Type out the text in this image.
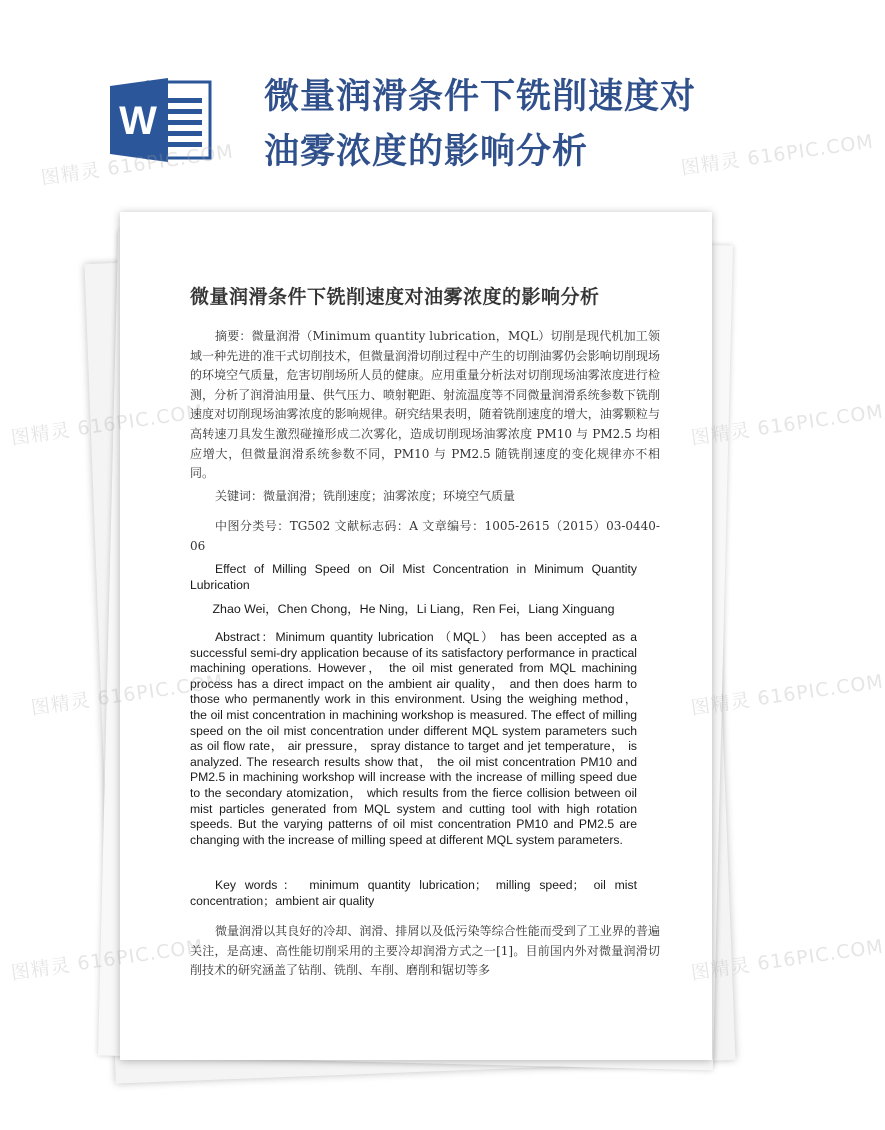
W
微量润滑条件下铣削速度对油雾浓度的影响分析
微量润滑条件下铣削速度对油雾浓度的影响分析
摘要：微量润滑（Minimum quantity lubrication，MQL）切削是现代机加工领域一种先进的准干式切削技术，但微量润滑切削过程中产生的切削油雾仍会影响切削现场的环境空气质量，危害切削场所人员的健康。应用重量分析法对切削现场油雾浓度进行检测，分析了润滑油用量、供气压力、喷射靶距、射流温度等不同微量润滑系统参数下铣削速度对切削现场油雾浓度的影响规律。研究结果表明，随着铣削速度的增大，油雾颗粒与高转速刀具发生激烈碰撞形成二次雾化，造成切削现场油雾浓度 PM10 与 PM2.5 均相应增大，但微量润滑系统参数不同，PM10 与 PM2.5 随铣削速度的变化规律亦不相同。
关键词：微量润滑；铣削速度；油雾浓度；环境空气质量
中图分类号：TG502 文献标志码：A 文章编号：1005-2615（2015）03-0440-06
Effect of Milling Speed on Oil Mist Concentration in Minimum Quantity Lubrication
Zhao Wei，Chen Chong，He Ning，Li Liang，Ren Fei，Liang Xinguang
Abstract：Minimum quantity lubrication （MQL） has been accepted as a successful semi-dry application because of its satisfactory performance in practical machining operations. However， the oil mist generated from MQL machining process has a direct impact on the ambient air quality， and then does harm to those who permanently work in this environment. Using the weighing method， the oil mist concentration in machining workshop is measured. The effect of milling speed on the oil mist concentration under different MQL system parameters such as oil flow rate， air pressure， spray distance to target and jet temperature， is analyzed. The research results show that， the oil mist concentration PM10 and PM2.5 in machining workshop will increase with the increase of milling speed due to the secondary atomization， which results from the fierce collision between oil mist particles generated from MQL system and cutting tool with high rotation speeds. But the varying patterns of oil mist concentration PM10 and PM2.5 are changing with the increase of milling speed at different MQL system parameters.
Key words： minimum quantity lubrication； milling speed； oil mist concentration；ambient air quality
微量润滑以其良好的冷却、润滑、排屑以及低污染等综合性能而受到了工业界的普遍关注，是高速、高性能切削采用的主要冷却润滑方式之一[1]。目前国内外对微量润滑切削技术的研究涵盖了钻削、铣削、车削、磨削和锯切等多
图精灵 616PIC.COM	图精灵 616PIC.COM
图精灵 616PIC.COM	图精灵 616PIC.COM
图精灵 616PIC.COM	图精灵 616PIC.COM
图精灵 616PIC.COM	图精灵 616PIC.COM
